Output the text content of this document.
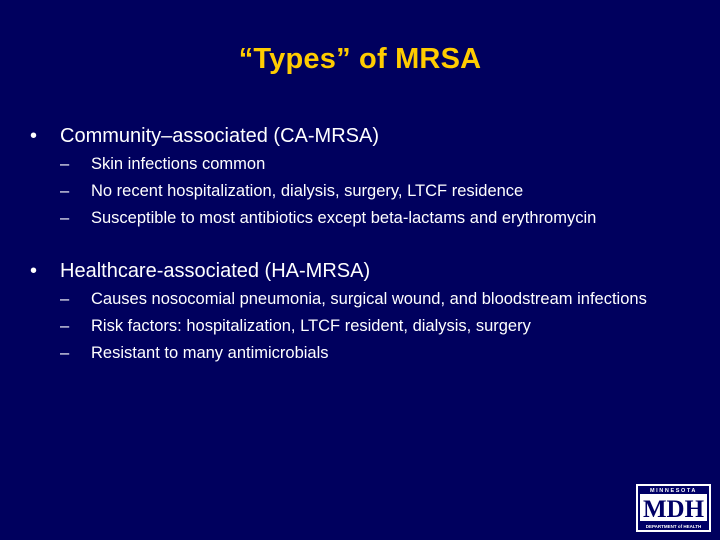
“Types” of MRSA
•	Community–associated (CA-MRSA)
–	Skin infections common
–	No recent hospitalization, dialysis, surgery, LTCF residence
–	Susceptible to most antibiotics except beta-lactams and erythromycin
•	Healthcare-associated (HA-MRSA)
–	Causes nosocomial pneumonia, surgical wound, and bloodstream infections
–	Risk factors: hospitalization, LTCF resident, dialysis, surgery
–	Resistant to many antimicrobials
MINNESOTA
MDH
DEPARTMENT of HEALTH
